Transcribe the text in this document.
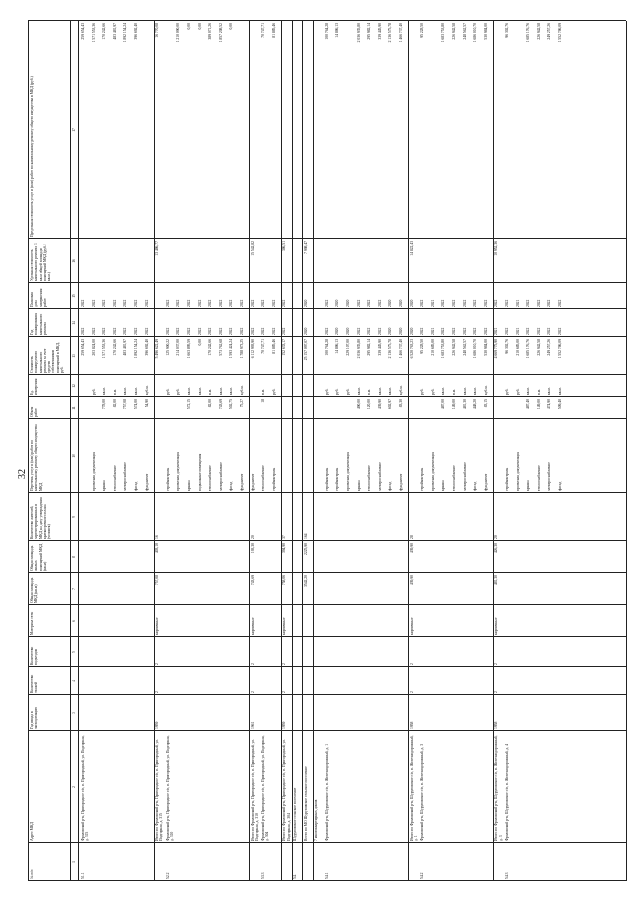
32
№ п/п
Адрес МКД
Год ввода в эксплуатацию
Количество этажей
Количество подъездов
Материал стен
Общая площадь МКД (кв.м)
Общая площадь жилых помещений МКД (кв.м)
Количество жителей, зарегистрированных в МКД на дату утверждения краткосрочного плана (человек)
Перечень услуг и (или) работ по капитальному ремонту общего имущества МКД
Объем работ
Ед. измерения
Стоимость планируемого капитального ремонта за счет средств собственников помещений в МКД, руб.
Год планирования капитального ремонта
Плановая дата завершения работ
Удельная стоимость капитального ремонта 1 кв.м общей площади помещений МКД (руб./кв.м.)
Предельная стоимость услуг и (или) работ по капитальному ремонту общего имущества в МКД (руб.)
1
2
3
4
5
6
7
8
9
10
11
12
13
14
15
16
17
51.1
Фроловский р-н, Пригородное с/п, п. Пригородный, ул. Подгорная, д. 315
259 654,43
2022
2022
259 654,43
проектная документация
руб.
203 824,00
2022
2022
1 571 553,36
крыша
778,00
кв.м.
1 571 553,36
2022
2022
170 242,66
теплоснабжение
82,00
п.м.
170 242,66
2022
2022
483 481,97
электроснабжение
757,08
кв.м.
483 481,97
2022
2022
1 892 154,24
фасад
574,00
кв.м.
1 892 154,24
2022
2022
396 692,40
фундамент
54,90
куб.м.
396 692,40
2022
2022
Итого по Фроловский р-н, Пригородное с/п, п. Пригородный, ул. Подгорная, д. 315
1959
2
2
кирпичные
757,08
403,10
16
5 496 622,49
13 486,77
16 770,08
52.2
Фроловский р-н, Пригородное с/п, п. Пригородный, ул. Подгорная, д. 310
стройконтроль
руб.
125 900,22
2022
2022
проектная документация
руб.
214 037,00
2022
2022
1 210 090,00
крыша
572,15
кв.м.
1 663 895,59
2022
2022
0,00
подвальные помещения
кв.м.
0,00
2022
2022
0,00
теплоснабжение
82,00
п.м.
170 242,66
2022
2022
389 071,26
электроснабжение
743,69
кв.м.
573 762,68
2022
2022
1 857 208,52
фасад
502,75
кв.м.
1 593 424,24
2022
2022
0,00
фундамент
75,27
куб.м.
1 788 973,25
2022
2022
Итого по Фроловский р-н, Пригородное с/п, п. Пригородный, ул. Подгорная, д. 310
1961
2
2
кирпичные
743,69
193,30
20
фундамент
6 112 993,90
2022
2022
15 542,82
53.3
Фроловский р-н, Пригородное с/п, п. Пригородный, ул. Подгорная, д. 304
теплоснабжение
18
п.м.
70 747,71
2022
2022
70 747,71
стройконтроль
руб.
81 885,46
2022
2022
81 885,46
Итого по Фроловский р-н, Пригородное с/п, п. Пригородный, ул. Подгорная, д. 304
1959
2
2
кирпичные
758,06
394,90
37
152 633,17
2022
2022
386,51
54.
Шуруповское сельское поселение Всего по МО Шуруповское сельское поселение
3542,20
2225,90
164
25 157 097,07
2020
2020
7 998,47
7 многоквартирных домов
54.1
Фроловский р-н, Шуруповское с/п, п. Железнодорожный, д. 1
стройконтроль
руб.
100 764,28
2022
2022
100 764,28
стройконтроль
руб.
14 886,13
2020
2020
14 886,13
проектная документация
руб.
229 107,00
2020
2020
крыша
490,00
кв.м.
2 036 935,80
2022
2022
2 036 935,80
теплоснабжение
120,00
п.м.
295 982,14
2022
2022
295 982,14
электроснабжение
439,90
кв.м.
339 445,90
2022
2022
339 445,90
фасад
602,97
кв.м.
2 136 575,78
2020
2020
2 136 575,78
фундамент
83,30
куб.м.
1 466 737,40
2020
2020
1 466 737,40
Итого по Фроловский р-н, Шуруповское с/п, п. Железнодорожный, д. 1
1958
2
2
кирпичные
439,90
439,90
28
6 520 763,23
2020
2020
14 822,43
54.2
Фроловский р-н, Шуруповское с/п, п. Железнодорожный, д. 3
стройконтроль
руб.
95 228,50
2022
2022
95 228,50
проектная документация
руб.
210 685,00
2021
2021
крыша
487,00
кв.м.
1 683 753,80
2022
2022
1 683 753,80
теплоснабжение
149,00
п.м.
226 942,58
2022
2022
226 942,58
электроснабжение
481,30
кв.м.
248 562,57
2022
2022
248 562,57
фасад
448,20
кв.м.
1 686 010,70
2022
2022
1 686 010,70
фундамент
83,15
куб.м.
530 984,00
2022
2022
530 984,00
Итого по Фроловский р-н, Шуруповское с/п, п. Железнодорожный, д. 3
1958
2
2
кирпичные
481,30
426,30
20
4 669 775,90
2021
2022
10 952,36
54.3
Фроловский р-н, Шуруповское с/п, п. Железнодорожный, д. 4
стройконтроль
руб.
96 302,76
2022
2022
96 302,76
проектная документация
руб.
210 685,00
2021
2021
крыша
487,40
кв.м.
1 685 176,76
2022
2022
1 685 176,76
теплоснабжение
149,00
п.м.
226 942,58
2022
2022
226 942,58
электроснабжение
474,90
кв.м.
249 257,26
2022
2022
249 257,26
фасад
509,40
кв.м.
1 552 786,09
2022
2022
1 552 786,09
